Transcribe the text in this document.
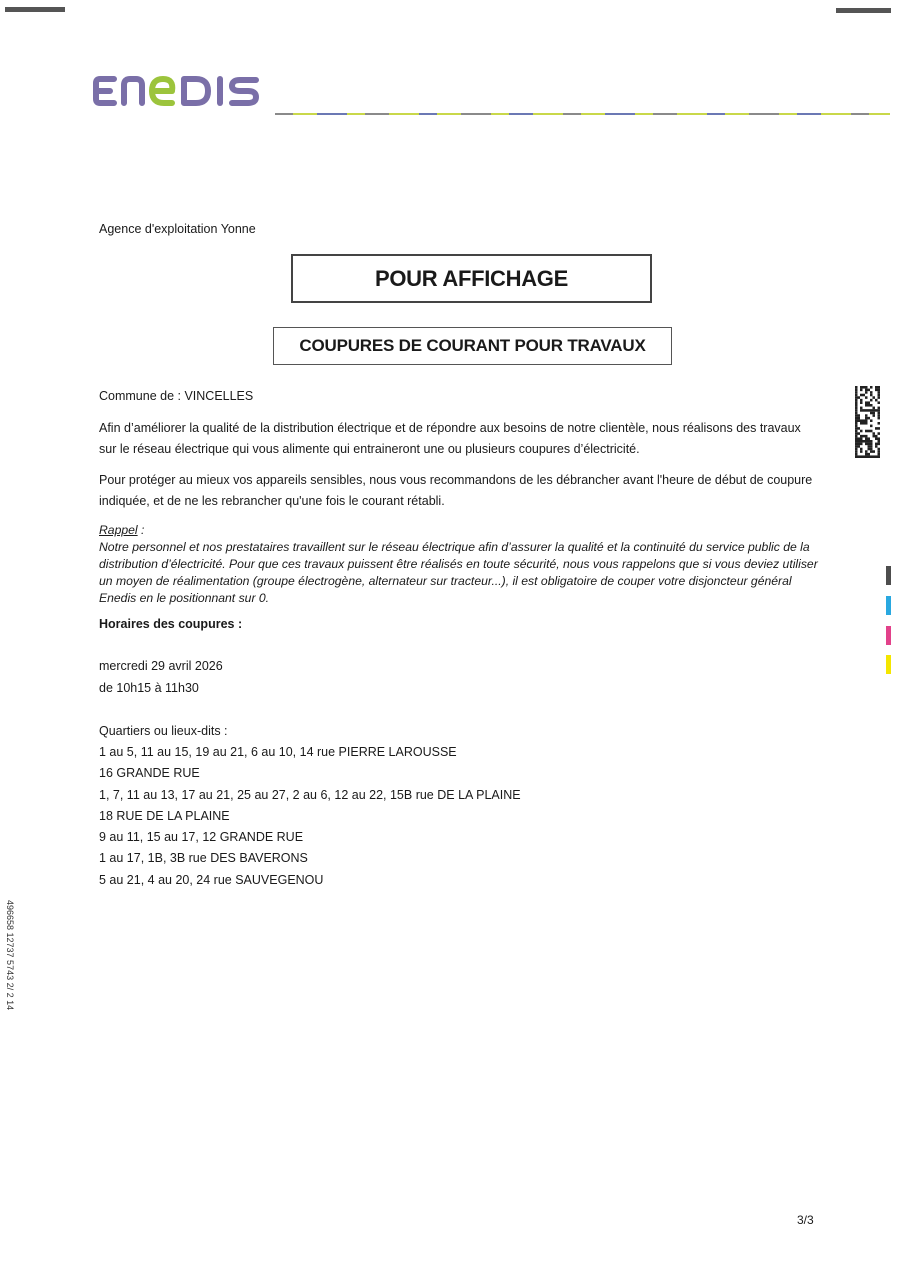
Agence d'exploitation Yonne
POUR AFFICHAGE
COUPURES DE COURANT POUR TRAVAUX
Commune de : VINCELLES
Afin d’améliorer la qualité de la distribution électrique et de répondre aux besoins de notre clientèle, nous réalisons des travaux sur le réseau électrique qui vous alimente qui entraineront une ou plusieurs coupures d’électricité.
Pour protéger au mieux vos appareils sensibles, nous vous recommandons de les débrancher avant l'heure de début de coupure indiquée, et de ne les rebrancher qu'une fois le courant rétabli.
Rappel :
Notre personnel et nos prestataires travaillent sur le réseau électrique afin d’assurer la qualité et la continuité du service public de la distribution d’électricité. Pour que ces travaux puissent être réalisés en toute sécurité, nous vous rappelons que si vous deviez utiliser un moyen de réalimentation (groupe électrogène, alternateur sur tracteur...), il est obligatoire de couper votre disjoncteur général Enedis en le positionnant sur 0.
Horaires des coupures :
mercredi 29 avril 2026
de 10h15 à 11h30
Quartiers ou lieux-dits :
1 au 5, 11 au 15, 19 au 21, 6 au 10, 14 rue PIERRE LAROUSSE
16 GRANDE RUE
1, 7, 11 au 13, 17 au 21, 25 au 27, 2 au 6, 12 au 22, 15B rue DE LA PLAINE
18 RUE DE LA PLAINE
9 au 11, 15 au 17, 12 GRANDE RUE
1 au 17, 1B, 3B rue DES BAVERONS
5 au 21, 4 au 20, 24 rue SAUVEGENOU
496658 12737 5743 2/ 2 14
3/3
